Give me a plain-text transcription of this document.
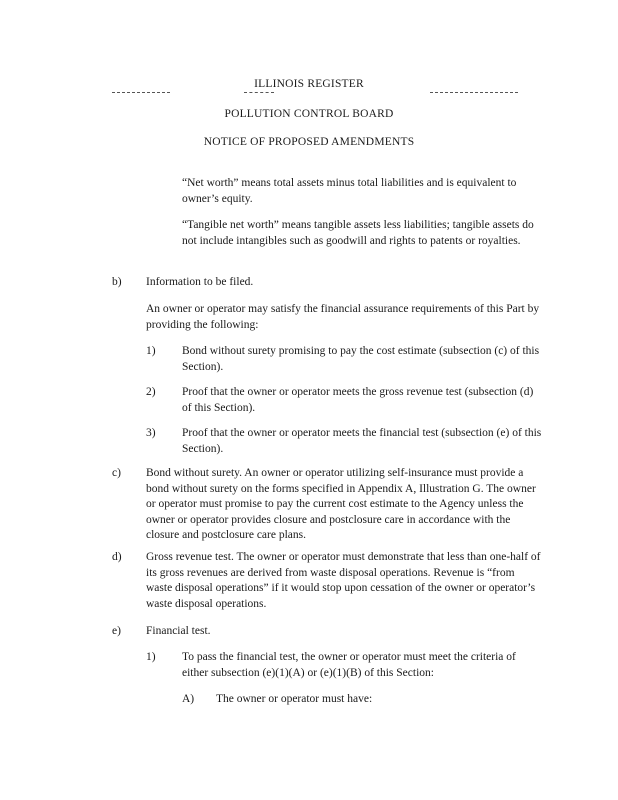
ILLINOIS REGISTER
POLLUTION CONTROL BOARD
NOTICE OF PROPOSED AMENDMENTS
“Net worth” means total assets minus total liabilities and is equivalent to owner’s equity.
“Tangible net worth” means tangible assets less liabilities; tangible assets do not include intangibles such as goodwill and rights to patents or royalties.
b) Information to be filed.
An owner or operator may satisfy the financial assurance requirements of this Part by providing the following:
1) Bond without surety promising to pay the cost estimate (subsection (c) of this Section).
2) Proof that the owner or operator meets the gross revenue test (subsection (d) of this Section).
3) Proof that the owner or operator meets the financial test (subsection (e) of this Section).
c) Bond without surety. An owner or operator utilizing self-insurance must provide a bond without surety on the forms specified in Appendix A, Illustration G. The owner or operator must promise to pay the current cost estimate to the Agency unless the owner or operator provides closure and postclosure care in accordance with the closure and postclosure care plans.
d) Gross revenue test. The owner or operator must demonstrate that less than one-half of its gross revenues are derived from waste disposal operations. Revenue is “from waste disposal operations” if it would stop upon cessation of the owner or operator’s waste disposal operations.
e) Financial test.
1) To pass the financial test, the owner or operator must meet the criteria of either subsection (e)(1)(A) or (e)(1)(B) of this Section:
A) The owner or operator must have:
